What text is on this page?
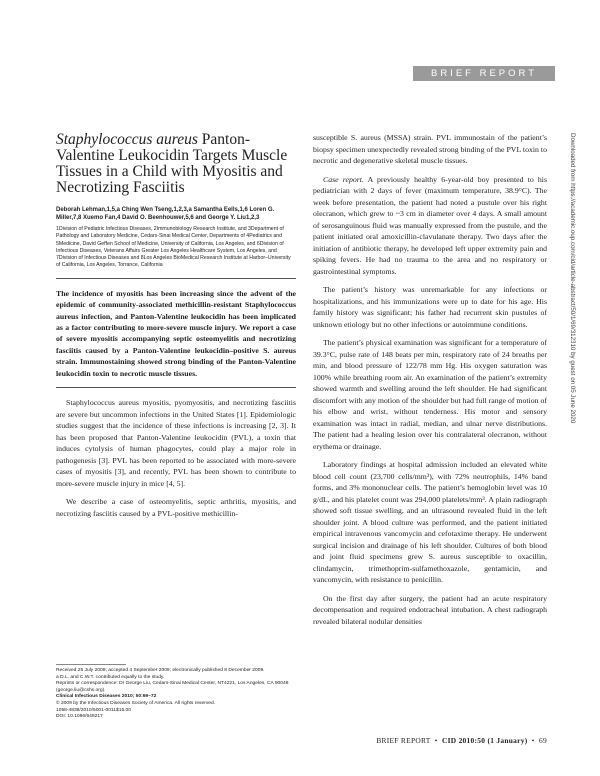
BRIEF REPORT
Staphylococcus aureus Panton-Valentine Leukocidin Targets Muscle Tissues in a Child with Myositis and Necrotizing Fasciitis

Deborah Lehman,1,5,a Ching Wen Tseng,1,2,3,a Samantha Eells,1,6 Loren G. Miller,7,8 Xuemo Fan,4 David O. Beenhouwer,5,6 and George Y. Liu1,2,3

1Division of Pediatric Infectious Diseases, 2Immunobiology Research Institute, and 3Department of Pathology and Laboratory Medicine, Cedars-Sinai Medical Center, Departments of 4Pediatrics and 5Medicine, David Geffen School of Medicine, University of California, Los Angeles, and 6Division of Infectious Diseases, Veterans Affairs Greater Los Angeles Healthcare System, Los Angeles, and 7Division of Infectious Diseases and 8Los Angeles BioMedical Research Institute at Harbor–University of California, Los Angeles, Torrance, California

The incidence of myositis has been increasing since the advent of the epidemic of community-associated methicillin-resistant Staphylococcus aureus infection, and Panton-Valentine leukocidin has been implicated as a factor contributing to more-severe muscle injury. We report a case of severe myositis accompanying septic osteomyelitis and necrotizing fasciitis caused by a Panton-Valentine leukocidin–positive S. aureus strain. Immunostaining showed strong binding of the Panton-Valentine leukocidin toxin to necrotic muscle tissues.

Staphylococcus aureus myositis, pyomyositis, and necrotizing fasciitis are severe but uncommon infections in the United States [1]. Epidemiologic studies suggest that the incidence of these infections is increasing [2, 3]. It has been proposed that Panton-Valentine leukocidin (PVL), a toxin that induces cytolysis of human phagocytes, could play a major role in pathogenesis [3]. PVL has been reported to be associated with more-severe cases of myositis [3], and recently, PVL has been shown to contribute to more-severe muscle injury in mice [4, 5].

We describe a case of osteomyelitis, septic arthritis, myositis, and necrotizing fasciitis caused by a PVL-positive methicillin-

susceptible S. aureus (MSSA) strain. PVL immunostain of the patient’s biopsy specimen unexpectedly revealed strong binding of the PVL toxin to necrotic and degenerative skeletal muscle tissues.

Case report. A previously healthy 6-year-old boy presented to his pediatrician with 2 days of fever (maximum temperature, 38.9°C). The week before presentation, the patient had noted a pustule over his right olecranon, which grew to ~3 cm in diameter over 4 days. A small amount of serosanguinous fluid was manually expressed from the pustule, and the patient initiated oral amoxicillin-clavulanate therapy. Two days after the initiation of antibiotic therapy, he developed left upper extremity pain and spiking fevers. He had no trauma to the area and no respiratory or gastrointestinal symptoms.

The patient’s history was unremarkable for any infections or hospitalizations, and his immunizations were up to date for his age. His family history was significant; his father had recurrent skin pustules of unknown etiology but no other infections or autoimmune conditions.

The patient’s physical examination was significant for a temperature of 39.3°C, pulse rate of 148 beats per min, respiratory rate of 24 breaths per min, and blood pressure of 122/78 mm Hg. His oxygen saturation was 100% while breathing room air. An examination of the patient’s extremity showed warmth and swelling around the left shoulder. He had significant discomfort with any motion of the shoulder but had full range of motion of his elbow and wrist, without tenderness. His motor and sensory examination was intact in radial, median, and ulnar nerve distributions. The patient had a healing lesion over his contralateral olecranon, without erythema or drainage.

Laboratory findings at hospital admission included an elevated white blood cell count (23,700 cells/mm³), with 72% neutrophils, 14% band forms, and 3% mononuclear cells. The patient’s hemoglobin level was 10 g/dL, and his platelet count was 294,000 platelets/mm³. A plain radiograph showed soft tissue swelling, and an ultrasound revealed fluid in the left shoulder joint. A blood culture was performed, and the patient initiated empirical intravenous vancomycin and cefotaxime therapy. He underwent surgical incision and drainage of his left shoulder. Cultures of both blood and joint fluid specimens grew S. aureus susceptible to oxacillin, clindamycin, trimethoprim-sulfamethoxazole, gentamicin, and vancomycin, with resistance to penicillin.

On the first day after surgery, the patient had an acute respiratory decompensation and required endotracheal intubation. A chest radiograph revealed bilateral nodular densities

Received 25 July 2009; accepted 4 September 2009; electronically published 8 December 2009.

a D.L. and C.W.T. contributed equally to the study.

Reprints or correspondence: Dr George Liu, Cedars-Sinai Medical Center, NT4221, Los Angeles, CA 90048 (george.liu@cshs.org).

Clinical Infectious Diseases 2010; 50:69–72

© 2009 by the Infectious Diseases Society of America. All rights reserved.

1058-4838/2010/5001-0011$15.00

DOI: 10.1086/649217

BRIEF REPORT  •  CID 2010:50 (1 January)  •  69
Downloaded from https://academic.oup.com/cid/article-abstract/50/1/69/312310 by guest on 05 June 2020
